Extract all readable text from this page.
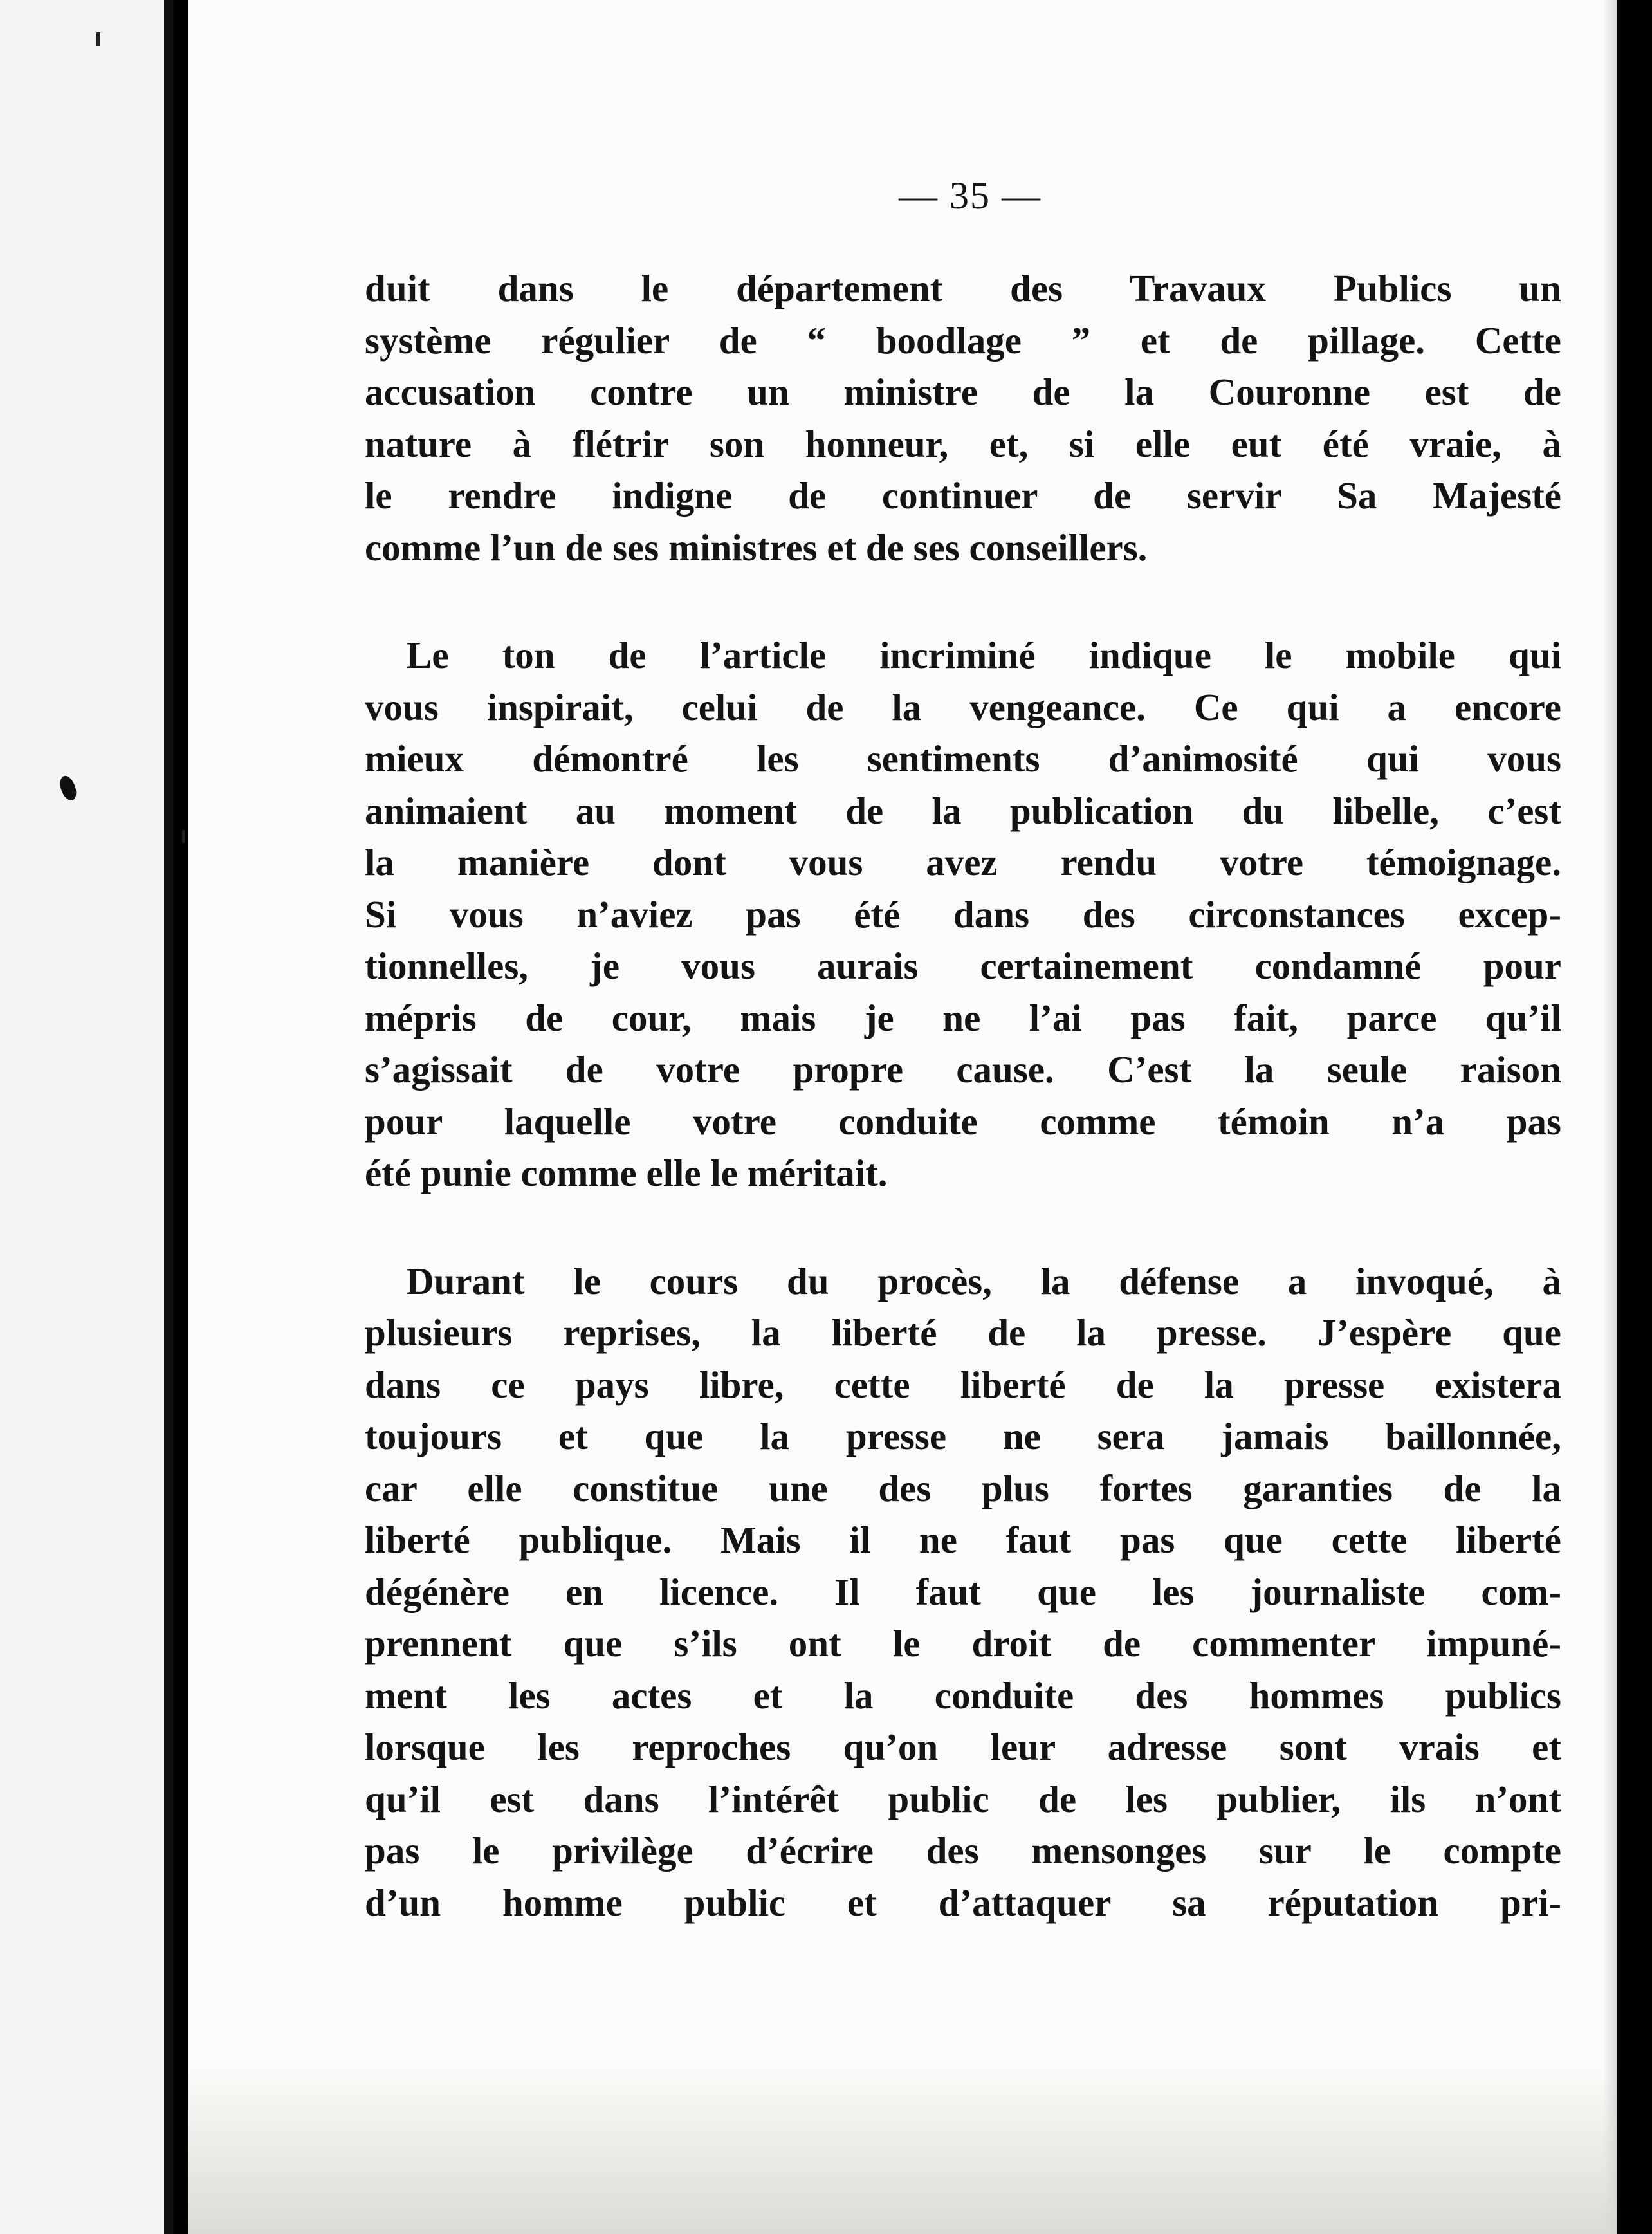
— 35 —
duit dans le département des Travaux Publics un
système régulier de “ boodlage ” et de pillage. Cette
accusation contre un ministre de la Couronne est de
nature à flétrir son honneur, et, si elle eut été vraie, à
le rendre indigne de continuer de servir Sa Majesté
comme l’un de ses ministres et de ses conseillers.
Le ton de l’article incriminé indique le mobile qui
vous inspirait, celui de la vengeance. Ce qui a encore
mieux démontré les sentiments d’animosité qui vous
animaient au moment de la publication du libelle, c’est
la manière dont vous avez rendu votre témoignage.
Si vous n’aviez pas été dans des circonstances excep-
tionnelles, je vous aurais certainement condamné pour
mépris de cour, mais je ne l’ai pas fait, parce qu’il
s’agissait de votre propre cause. C’est la seule raison
pour laquelle votre conduite comme témoin n’a pas
été punie comme elle le méritait.
Durant le cours du procès, la défense a invoqué, à
plusieurs reprises, la liberté de la presse. J’espère que
dans ce pays libre, cette liberté de la presse existera
toujours et que la presse ne sera jamais baillonnée,
car elle constitue une des plus fortes garanties de la
liberté publique. Mais il ne faut pas que cette liberté
dégénère en licence. Il faut que les journaliste com-
prennent que s’ils ont le droit de commenter impuné-
ment les actes et la conduite des hommes publics
lorsque les reproches qu’on leur adresse sont vrais et
qu’il est dans l’intérêt public de les publier, ils n’ont
pas le privilège d’écrire des mensonges sur le compte
d’un homme public et d’attaquer sa réputation pri-
